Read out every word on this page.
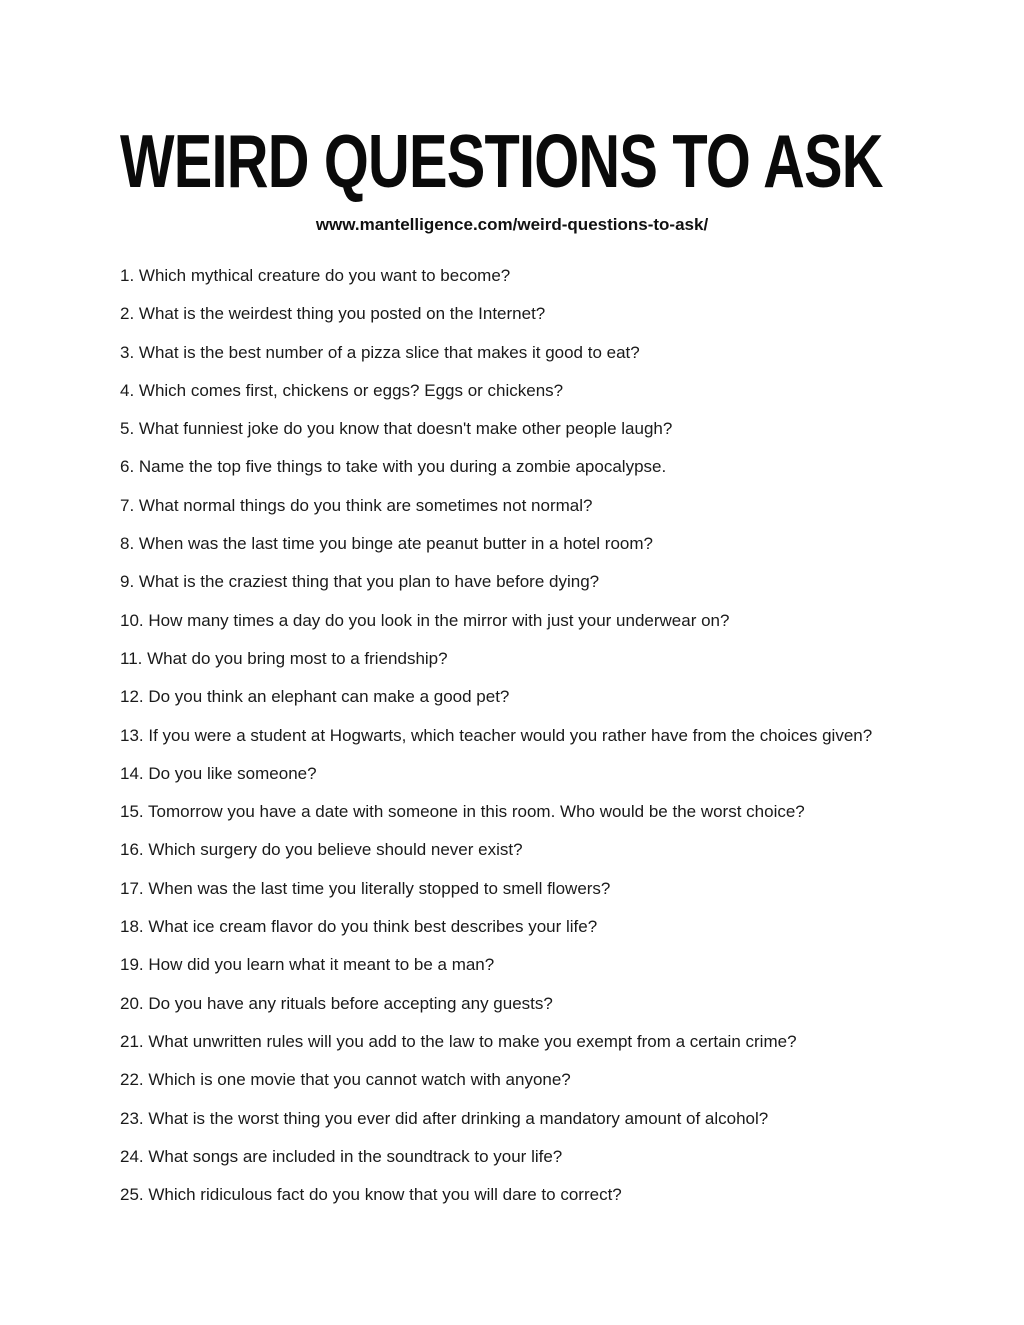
WEIRD QUESTIONS TO ASK
www.mantelligence.com/weird-questions-to-ask/

1. Which mythical creature do you want to become?

2. What is the weirdest thing you posted on the Internet?

3. What is the best number of a pizza slice that makes it good to eat?

4. Which comes first, chickens or eggs? Eggs or chickens?

5. What funniest joke do you know that doesn't make other people laugh?

6. Name the top five things to take with you during a zombie apocalypse.

7. What normal things do you think are sometimes not normal?

8. When was the last time you binge ate peanut butter in a hotel room?

9. What is the craziest thing that you plan to have before dying?

10. How many times a day do you look in the mirror with just your underwear on?

11. What do you bring most to a friendship?

12. Do you think an elephant can make a good pet?

13. If you were a student at Hogwarts, which teacher would you rather have from the choices given?

14. Do you like someone?

15. Tomorrow you have a date with someone in this room. Who would be the worst choice?

16. Which surgery do you believe should never exist?

17. When was the last time you literally stopped to smell flowers?

18. What ice cream flavor do you think best describes your life?

19. How did you learn what it meant to be a man?

20. Do you have any rituals before accepting any guests?

21. What unwritten rules will you add to the law to make you exempt from a certain crime?

22. Which is one movie that you cannot watch with anyone?

23. What is the worst thing you ever did after drinking a mandatory amount of alcohol?

24. What songs are included in the soundtrack to your life?

25. Which ridiculous fact do you know that you will dare to correct?
